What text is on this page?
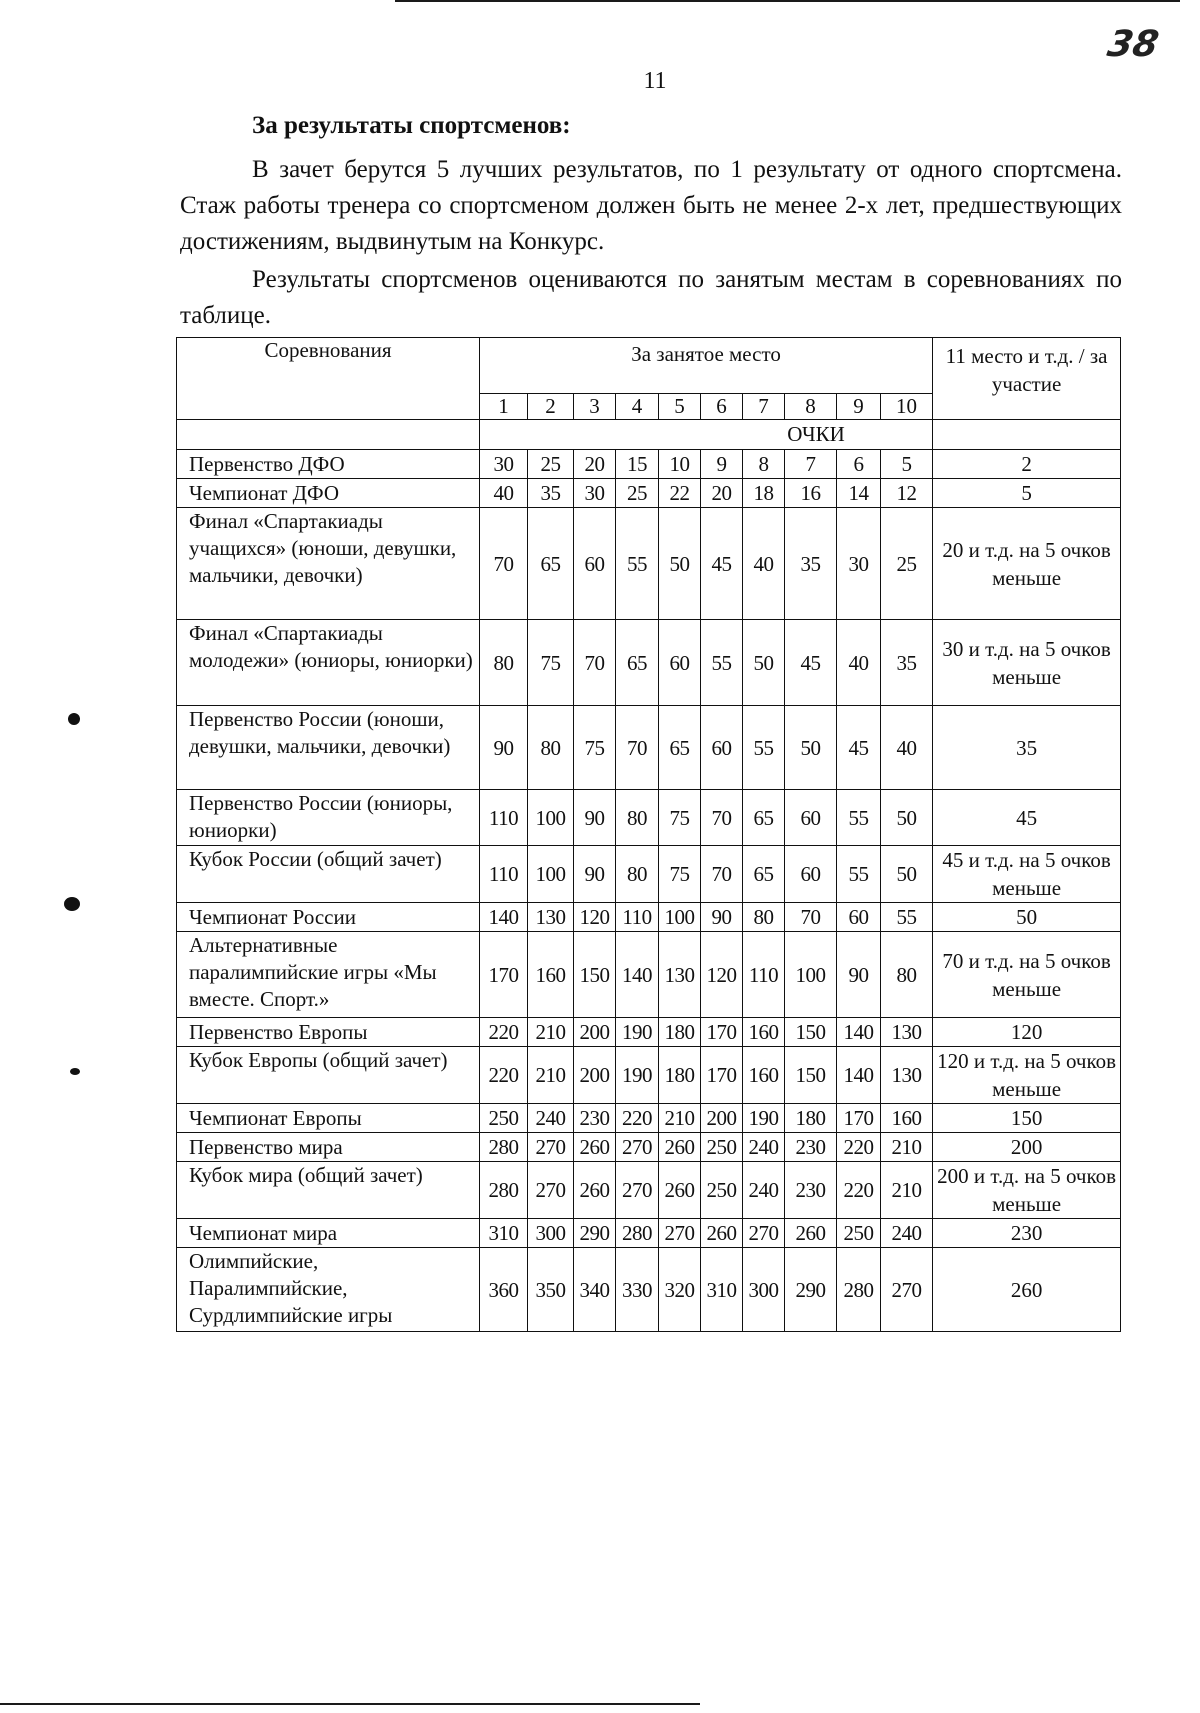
38
11
За результаты спортсменов:
В зачет берутся 5 лучших результатов, по 1 результату от одного спортсмена. Стаж работы тренера со спортсменом должен быть не менее 2-х лет, предшествующих достижениям, выдвинутым на Конкурс.
Результаты спортсменов оцениваются по занятым местам в соревнованиях по таблице.
Соревнования	За занятое место										11 место и т.д. / за участие
	1	2	3	4	5	6	7	8	9	10	
	ОЧКИ										
Первенство ДФО	30	25	20	15	10	9	8	7	6	5	2
Чемпионат ДФО	40	35	30	25	22	20	18	16	14	12	5
Финал «Спартакиады учащихся» (юноши, девушки, мальчики, девочки)	70	65	60	55	50	45	40	35	30	25	20 и т.д. на 5 очков меньше
Финал «Спартакиады молодежи» (юниоры, юниорки)	80	75	70	65	60	55	50	45	40	35	30 и т.д. на 5 очков меньше
Первенство России (юноши, девушки, мальчики, девочки)	90	80	75	70	65	60	55	50	45	40	35
Первенство России (юниоры, юниорки)	110	100	90	80	75	70	65	60	55	50	45
Кубок России (общий зачет)	110	100	90	80	75	70	65	60	55	50	45 и т.д. на 5 очков меньше
Чемпионат России	140	130	120	110	100	90	80	70	60	55	50
Альтернативные паралимпийские игры «Мы вместе. Спорт.»	170	160	150	140	130	120	110	100	90	80	70 и т.д. на 5 очков меньше
Первенство Европы	220	210	200	190	180	170	160	150	140	130	120
Кубок Европы (общий зачет)	220	210	200	190	180	170	160	150	140	130	120 и т.д. на 5 очков меньше
Чемпионат Европы	250	240	230	220	210	200	190	180	170	160	150
Первенство мира	280	270	260	270	260	250	240	230	220	210	200
Кубок мира (общий зачет)	280	270	260	270	260	250	240	230	220	210	200 и т.д. на 5 очков меньше
Чемпионат мира	310	300	290	280	270	260	270	260	250	240	230
Олимпийские, Паралимпийские, Сурдлимпийские игры	360	350	340	330	320	310	300	290	280	270	260
